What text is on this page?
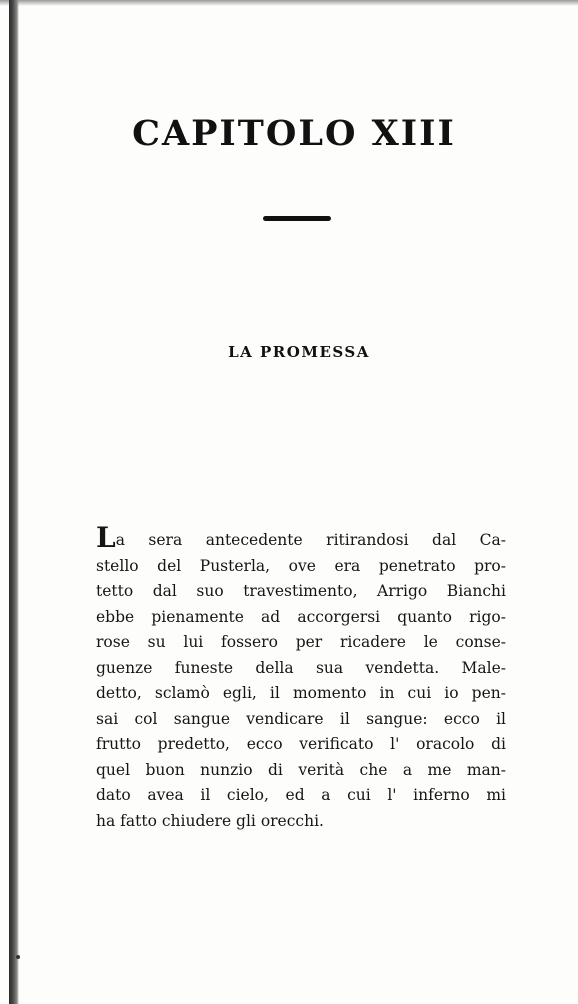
CAPITOLO XIII
LA PROMESSA
La sera antecedente ritirandosi dal Ca-
stello del Pusterla, ove era penetrato pro-
tetto dal suo travestimento, Arrigo Bianchi
ebbe pienamente ad accorgersi quanto rigo-
rose su lui fossero per ricadere le conse-
guenze funeste della sua vendetta. Male-
detto, sclamò egli, il momento in cui io pen-
sai col sangue vendicare il sangue: ecco il
frutto predetto, ecco verificato l' oracolo di
quel buon nunzio di verità che a me man-
dato avea il cielo, ed a cui l' inferno mi
ha fatto chiudere gli orecchi.
